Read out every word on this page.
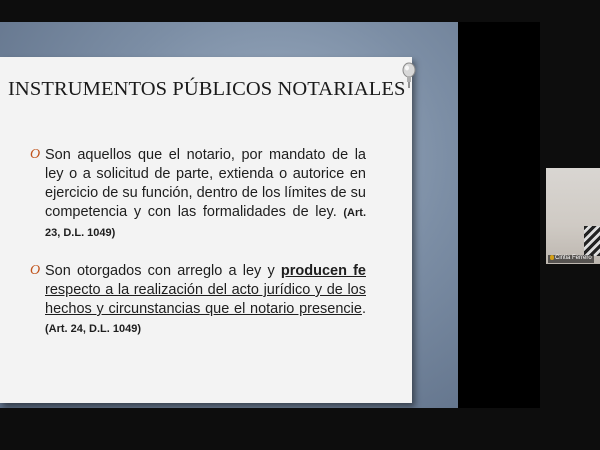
INSTRUMENTOS PÚBLICOS NOTARIALES
O Son aquellos que el notario, por mandato de la ley o a solicitud de parte, extienda o autorice en ejercicio de su función, dentro de los límites de su competencia y con las formalidades de ley. (Art. 23, D.L. 1049)
O Son otorgados con arreglo a ley y producen fe respecto a la realización del acto jurídico y de los hechos y circunstancias que el notario presencie. (Art. 24, D.L. 1049)
Cintia Ferrero
